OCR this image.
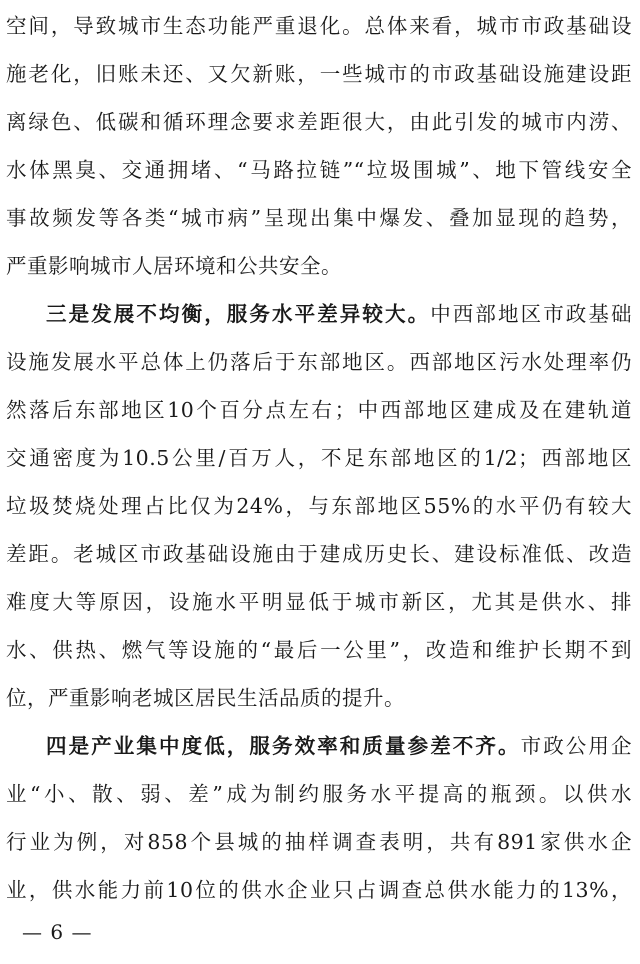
空间，导致城市生态功能严重退化。总体来看，城市市政基础设
施老化，旧账未还、又欠新账，一些城市的市政基础设施建设距
离绿色、低碳和循环理念要求差距很大，由此引发的城市内涝、
水体黑臭、交通拥堵、“马路拉链”“垃圾围城”、地下管线安全
事故频发等各类“城市病”呈现出集中爆发、叠加显现的趋势，
严重影响城市人居环境和公共安全。
三是发展不均衡，服务水平差异较大。中西部地区市政基础
设施发展水平总体上仍落后于东部地区。西部地区污水处理率仍
然落后东部地区10个百分点左右；中西部地区建成及在建轨道
交通密度为10.5公里/百万人，不足东部地区的1/2；西部地区
垃圾焚烧处理占比仅为24%，与东部地区55%的水平仍有较大
差距。老城区市政基础设施由于建成历史长、建设标准低、改造
难度大等原因，设施水平明显低于城市新区，尤其是供水、排
水、供热、燃气等设施的“最后一公里”，改造和维护长期不到
位，严重影响老城区居民生活品质的提升。
四是产业集中度低，服务效率和质量参差不齐。市政公用企
业“小、散、弱、差”成为制约服务水平提高的瓶颈。以供水
行业为例，对858个县城的抽样调查表明，共有891家供水企
业，供水能力前10位的供水企业只占调查总供水能力的13%，
— 6 —
